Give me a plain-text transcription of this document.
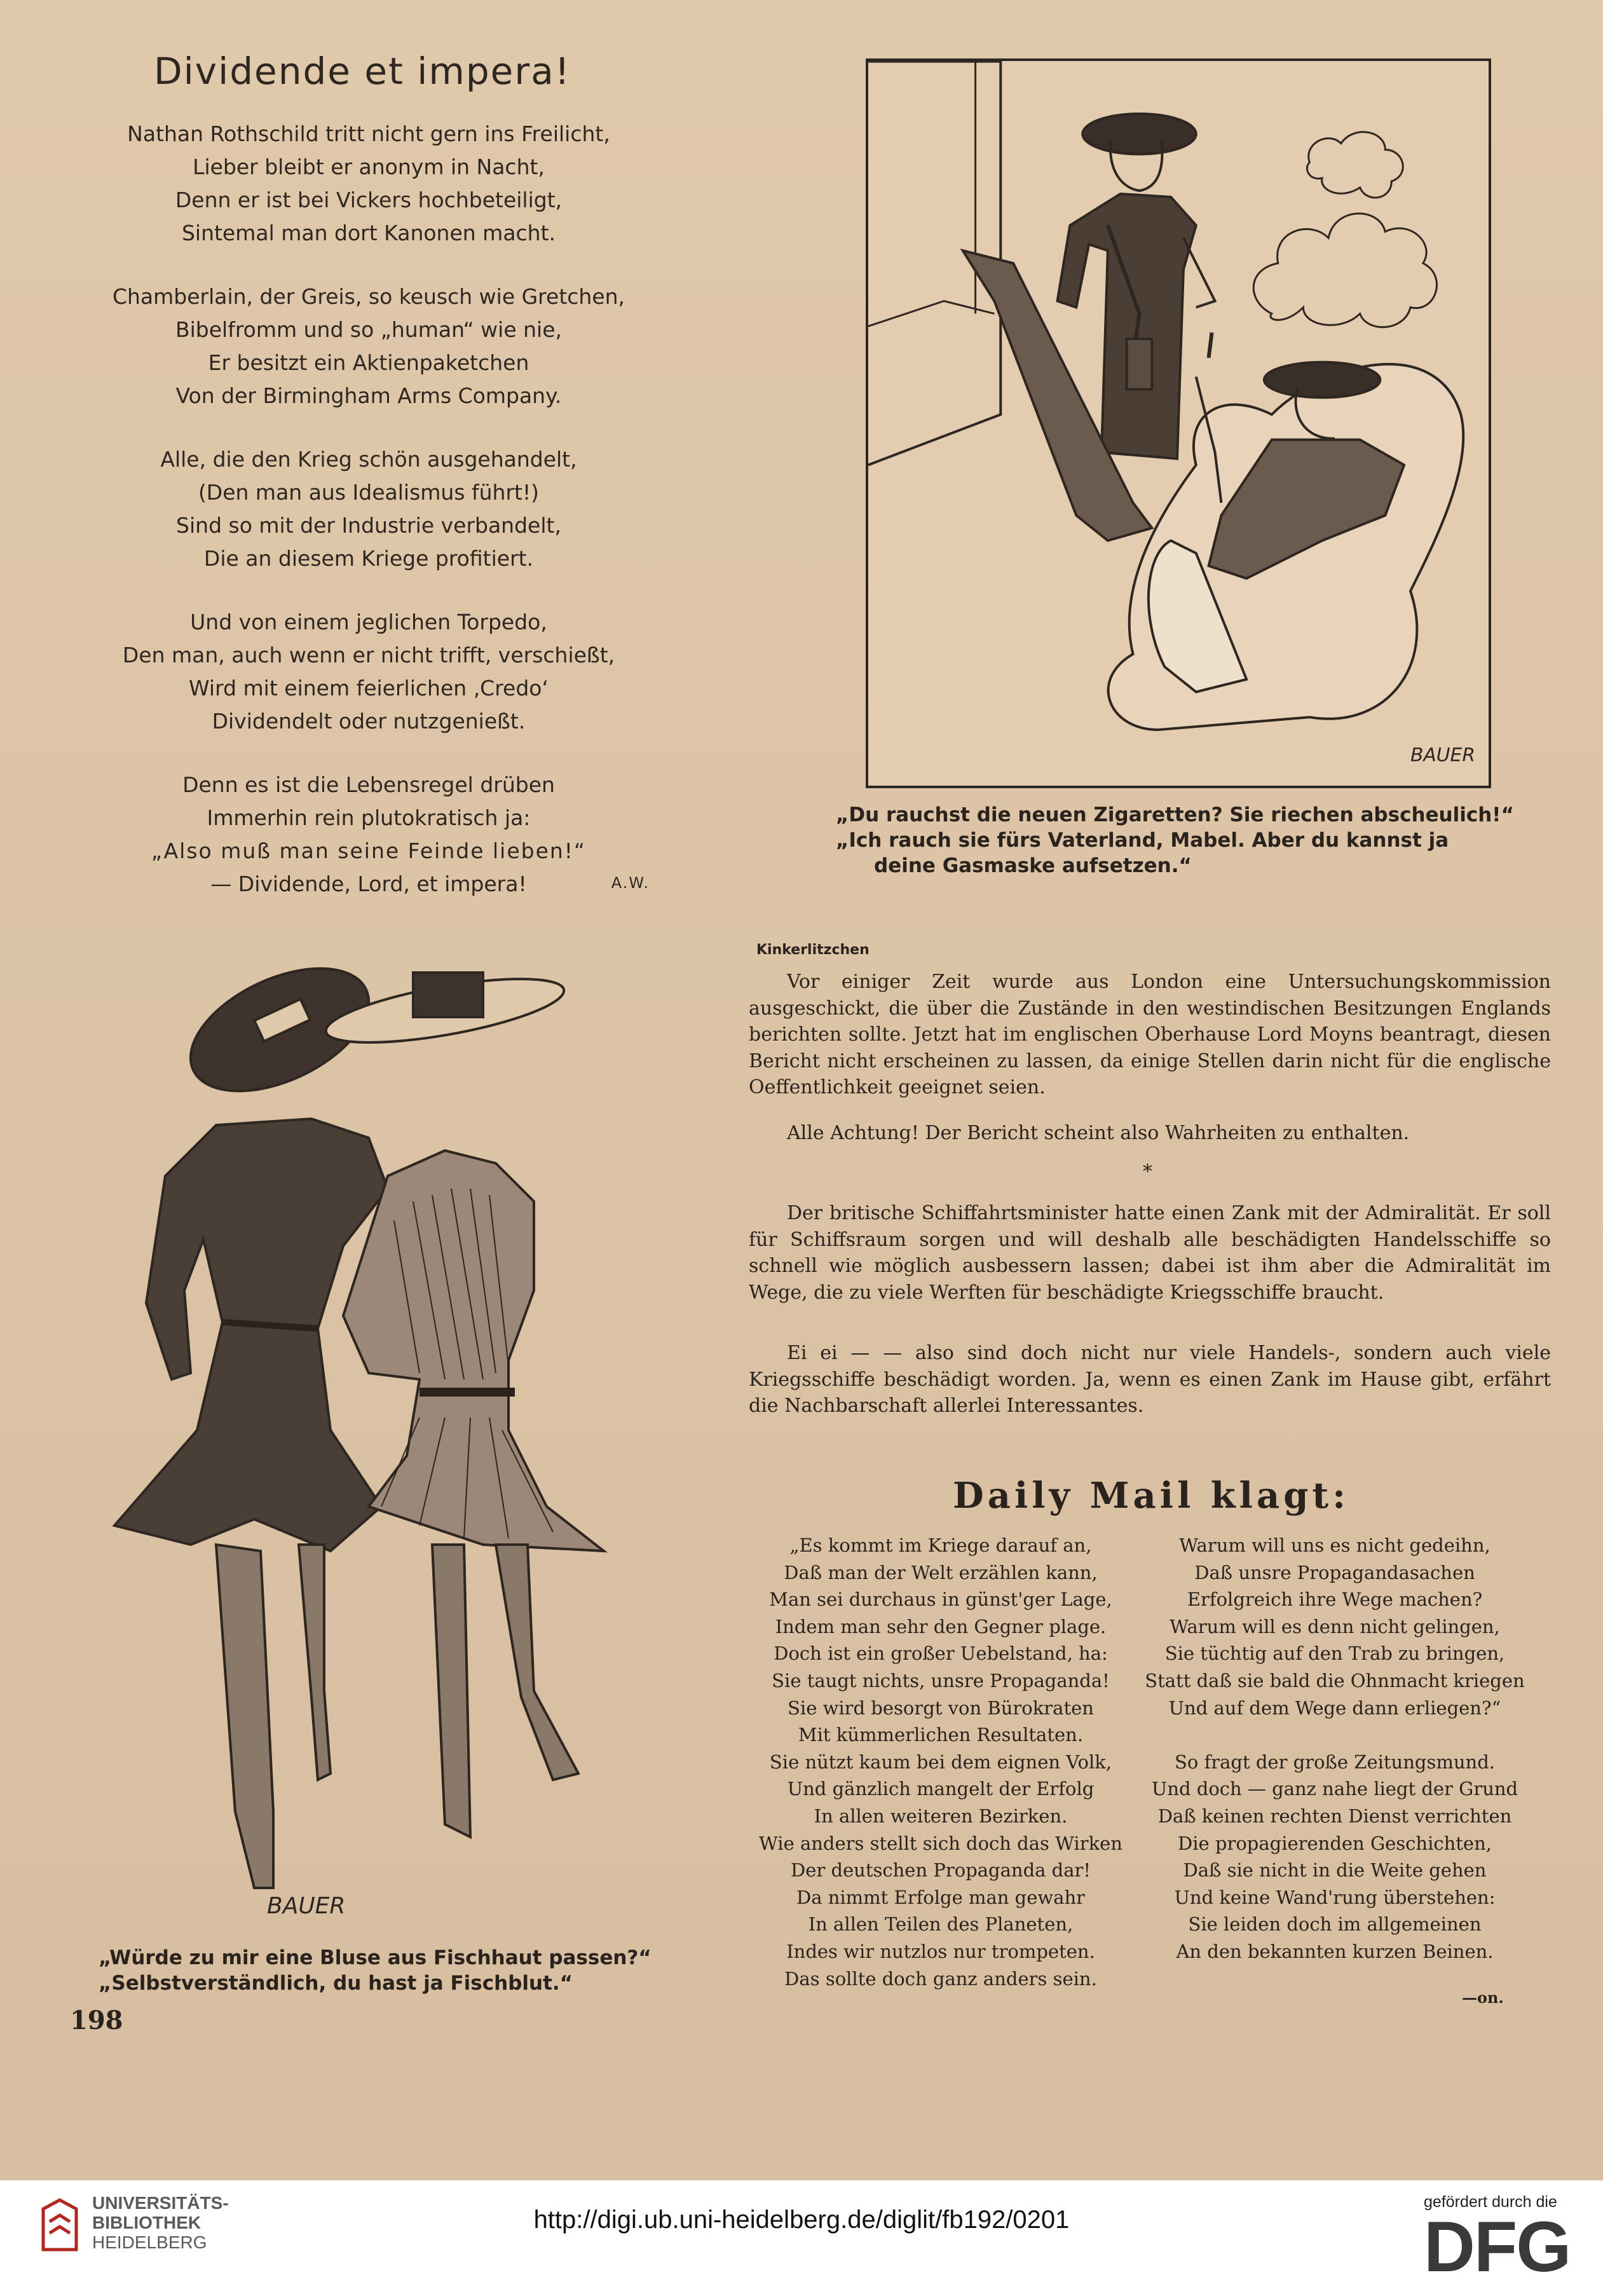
Dividende et impera!

Nathan Rothschild tritt nicht gern ins Freilicht,

Lieber bleibt er anonym in Nacht,

Denn er ist bei Vickers hochbeteiligt,

Sintemal man dort Kanonen macht.

Chamberlain, der Greis, so keusch wie Gretchen,

Bibelfromm und so „human“ wie nie,

Er besitzt ein Aktienpaketchen

Von der Birmingham Arms Company.

Alle, die den Krieg schön ausgehandelt,

(Den man aus Idealismus führt!)

Sind so mit der Industrie verbandelt,

Die an diesem Kriege profitiert.

Und von einem jeglichen Torpedo,

Den man, auch wenn er nicht trifft, verschießt,

Wird mit einem feierlichen ‚Credo‘

Dividendelt oder nutzgenießt.

Denn es ist die Lebensregel drüben

Immerhin rein plutokratisch ja:

„Also muß man seine Feinde lieben!“

— Dividende, Lord, et impera!	A.W.
BAUER

„Du rauchst die neuen Zigaretten? Sie riechen abscheulich!“

„Ich rauch sie fürs Vaterland, Mabel. Aber du kannst ja

deine Gasmaske aufsetzen.“

BAUER

„Würde zu mir eine Bluse aus Fischhaut passen?“

„Selbstverständlich, du hast ja Fischblut.“

198
Kinkerlitzchen

Vor einiger Zeit wurde aus London eine Untersuchungskommission ausgeschickt, die über die Zustände in den westindischen Besitzungen Englands berichten sollte. Jetzt hat im englischen Oberhause Lord Moyns beantragt, diesen Bericht nicht erscheinen zu lassen, da einige Stellen darin nicht für die englische Oeffentlichkeit geeignet seien.

Alle Achtung! Der Bericht scheint also Wahrheiten zu enthalten.

*

Der britische Schiffahrtsminister hatte einen Zank mit der Admiralität. Er soll für Schiffsraum sorgen und will deshalb alle beschädigten Handelsschiffe so schnell wie möglich ausbessern lassen; dabei ist ihm aber die Admiralität im Wege, die zu viele Werften für beschädigte Kriegsschiffe braucht.

Ei ei — — also sind doch nicht nur viele Handels-, sondern auch viele Kriegsschiffe beschädigt worden. Ja, wenn es einen Zank im Hause gibt, erfährt die Nachbarschaft allerlei Interessantes.

Daily Mail klagt:

„Es kommt im Kriege darauf an,

Daß man der Welt erzählen kann,

Man sei durchaus in günst'ger Lage,

Indem man sehr den Gegner plage.

Doch ist ein großer Uebelstand, ha:

Sie taugt nichts, unsre Propaganda!

Sie wird besorgt von Bürokraten

Mit kümmerlichen Resultaten.

Sie nützt kaum bei dem eignen Volk,

Und gänzlich mangelt der Erfolg

In allen weiteren Bezirken.

Wie anders stellt sich doch das Wirken

Der deutschen Propaganda dar!

Da nimmt Erfolge man gewahr

In allen Teilen des Planeten,

Indes wir nutzlos nur trompeten.

Das sollte doch ganz anders sein.

Warum will uns es nicht gedeihn,

Daß unsre Propagandasachen

Erfolgreich ihre Wege machen?

Warum will es denn nicht gelingen,

Sie tüchtig auf den Trab zu bringen,

Statt daß sie bald die Ohnmacht kriegen

Und auf dem Wege dann erliegen?“

So fragt der große Zeitungsmund.

Und doch — ganz nahe liegt der Grund

Daß keinen rechten Dienst verrichten

Die propagierenden Geschichten,

Daß sie nicht in die Weite gehen

Und keine Wand'rung überstehen:

Sie leiden doch im allgemeinen

An den bekannten kurzen Beinen.

—on.

UNIVERSITÄTS-

BIBLIOTHEK

HEIDELBERG

http://digi.ub.uni-heidelberg.de/diglit/fb192/0201
gefördert durch die
DFG
